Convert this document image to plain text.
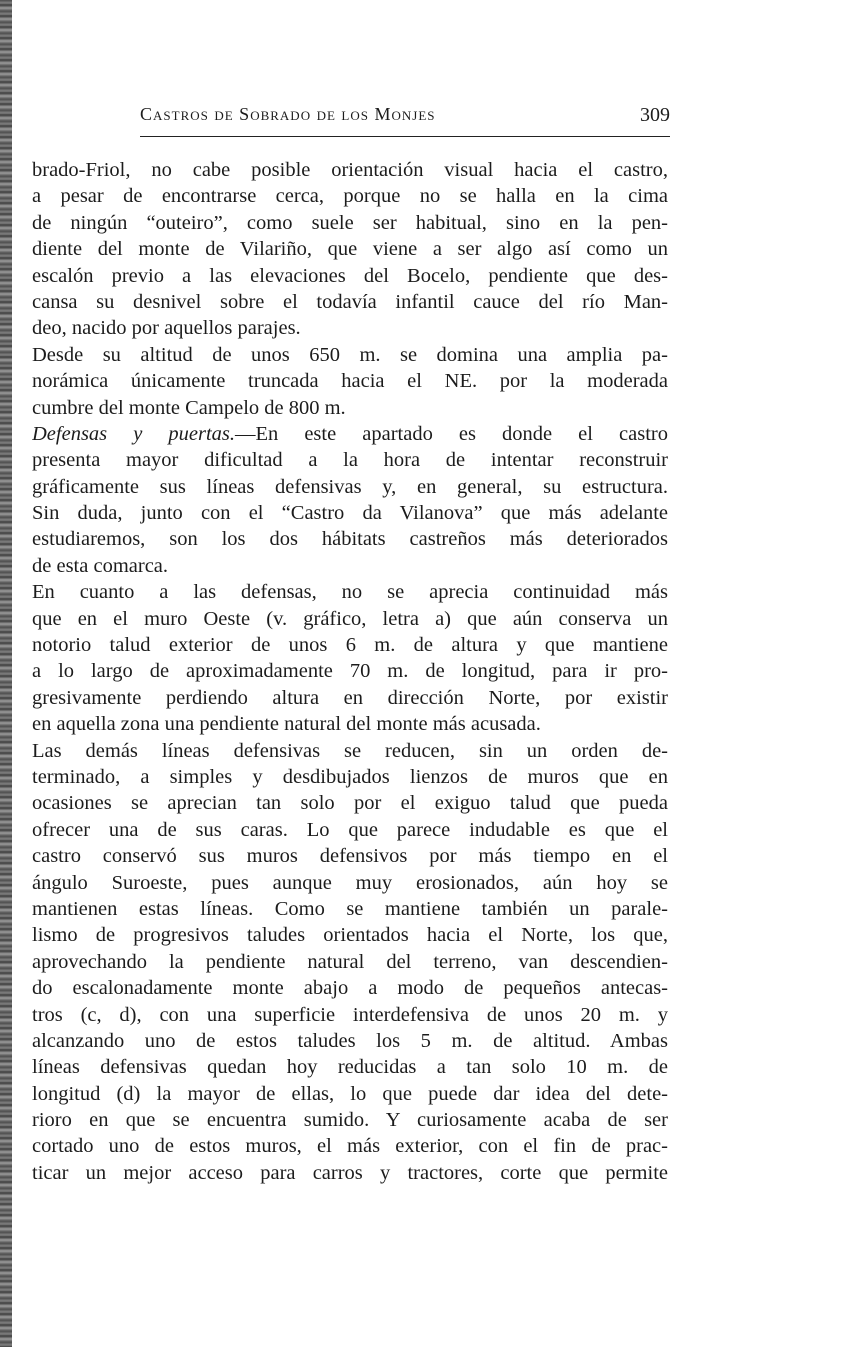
Castros de Sobrado de los Monjes	309
brado-Friol, no cabe posible orientación visual hacia el castro,
a pesar de encontrarse cerca, porque no se halla en la cima
de ningún “outeiro”, como suele ser habitual, sino en la pen-
diente del monte de Vilariño, que viene a ser algo así como un
escalón previo a las elevaciones del Bocelo, pendiente que des-
cansa su desnivel sobre el todavía infantil cauce del río Man-
deo, nacido por aquellos parajes.
Desde su altitud de unos 650 m. se domina una amplia pa-
norámica únicamente truncada hacia el NE. por la moderada
cumbre del monte Campelo de 800 m.
Defensas y puertas.—En este apartado es donde el castro
presenta mayor dificultad a la hora de intentar reconstruir
gráficamente sus líneas defensivas y, en general, su estructura.
Sin duda, junto con el “Castro da Vilanova” que más adelante
estudiaremos, son los dos hábitats castreños más deteriorados
de esta comarca.
En cuanto a las defensas, no se aprecia continuidad más
que en el muro Oeste (v. gráfico, letra a) que aún conserva un
notorio talud exterior de unos 6 m. de altura y que mantiene
a lo largo de aproximadamente 70 m. de longitud, para ir pro-
gresivamente perdiendo altura en dirección Norte, por existir
en aquella zona una pendiente natural del monte más acusada.
Las demás líneas defensivas se reducen, sin un orden de-
terminado, a simples y desdibujados lienzos de muros que en
ocasiones se aprecian tan solo por el exiguo talud que pueda
ofrecer una de sus caras. Lo que parece indudable es que el
castro conservó sus muros defensivos por más tiempo en el
ángulo Suroeste, pues aunque muy erosionados, aún hoy se
mantienen estas líneas. Como se mantiene también un parale-
lismo de progresivos taludes orientados hacia el Norte, los que,
aprovechando la pendiente natural del terreno, van descendien-
do escalonadamente monte abajo a modo de pequeños antecas-
tros (c, d), con una superficie interdefensiva de unos 20 m. y
alcanzando uno de estos taludes los 5 m. de altitud. Ambas
líneas defensivas quedan hoy reducidas a tan solo 10 m. de
longitud (d) la mayor de ellas, lo que puede dar idea del dete-
rioro en que se encuentra sumido. Y curiosamente acaba de ser
cortado uno de estos muros, el más exterior, con el fin de prac-
ticar un mejor acceso para carros y tractores, corte que permite
